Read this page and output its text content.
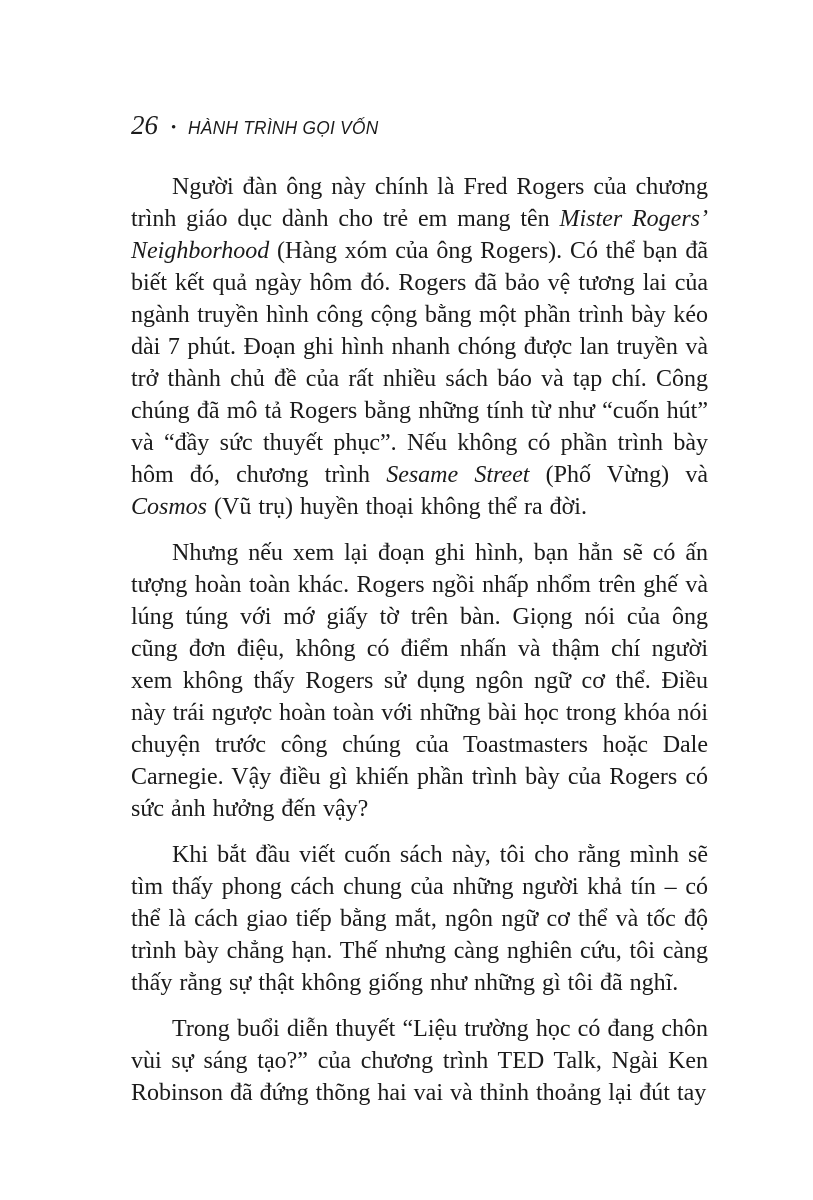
26 • HÀNH TRÌNH GỌI VỐN

Người đàn ông này chính là Fred Rogers của chương trình giáo dục dành cho trẻ em mang tên Mister Rogers’ Neighborhood (Hàng xóm của ông Rogers). Có thể bạn đã biết kết quả ngày hôm đó. Rogers đã bảo vệ tương lai của ngành truyền hình công cộng bằng một phần trình bày kéo dài 7 phút. Đoạn ghi hình nhanh chóng được lan truyền và trở thành chủ đề của rất nhiều sách báo và tạp chí. Công chúng đã mô tả Rogers bằng những tính từ như “cuốn hút” và “đầy sức thuyết phục”. Nếu không có phần trình bày hôm đó, chương trình Sesame Street (Phố Vừng) và Cosmos (Vũ trụ) huyền thoại không thể ra đời.

Nhưng nếu xem lại đoạn ghi hình, bạn hẳn sẽ có ấn tượng hoàn toàn khác. Rogers ngồi nhấp nhổm trên ghế và lúng túng với mớ giấy tờ trên bàn. Giọng nói của ông cũng đơn điệu, không có điểm nhấn và thậm chí người xem không thấy Rogers sử dụng ngôn ngữ cơ thể. Điều này trái ngược hoàn toàn với những bài học trong khóa nói chuyện trước công chúng của Toastmasters hoặc Dale Carnegie. Vậy điều gì khiến phần trình bày của Rogers có sức ảnh hưởng đến vậy?

Khi bắt đầu viết cuốn sách này, tôi cho rằng mình sẽ tìm thấy phong cách chung của những người khả tín – có thể là cách giao tiếp bằng mắt, ngôn ngữ cơ thể và tốc độ trình bày chẳng hạn. Thế nhưng càng nghiên cứu, tôi càng thấy rằng sự thật không giống như những gì tôi đã nghĩ.

Trong buổi diễn thuyết “Liệu trường học có đang chôn vùi sự sáng tạo?” của chương trình TED Talk, Ngài Ken Robinson đã đứng thõng hai vai và thỉnh thoảng lại đút tay
